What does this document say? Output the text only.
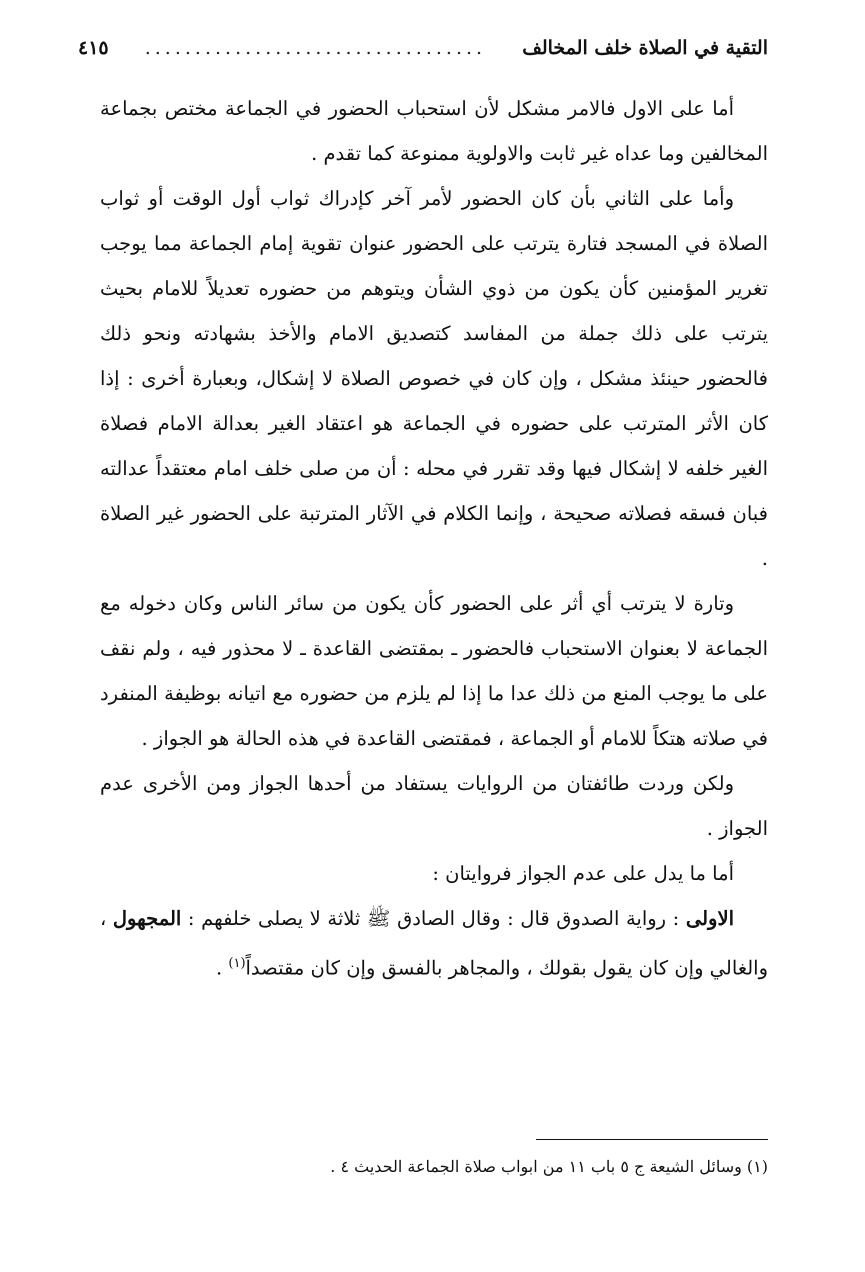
التقية في الصلاة خلف المخالف
..................................
٤١٥

أما على الاول فالامر مشكل لأن استحباب الحضور في الجماعة مختص بجماعة المخالفين وما عداه غير ثابت والاولوية ممنوعة كما تقدم .

وأما على الثاني بأن كان الحضور لأمر آخر كإدراك ثواب أول الوقت أو ثواب الصلاة في المسجد فتارة يترتب على الحضور عنوان تقوية إمام الجماعة مما يوجب تغرير المؤمنين كأن يكون من ذوي الشأن ويتوهم من حضوره تعديلاً للامام بحيث يترتب على ذلك جملة من المفاسد كتصديق الامام والأخذ بشهادته ونحو ذلك فالحضور حينئذ مشكل ، وإن كان في خصوص الصلاة لا إشكال، وبعبارة أخرى : إذا كان الأثر المترتب على حضوره في الجماعة هو اعتقاد الغير بعدالة الامام فصلاة الغير خلفه لا إشكال فيها وقد تقرر في محله : أن من صلى خلف امام معتقداً عدالته فبان فسقه فصلاته صحيحة ، وإنما الكلام في الآثار المترتبة على الحضور غير الصلاة .

وتارة لا يترتب أي أثر على الحضور كأن يكون من سائر الناس وكان دخوله مع الجماعة لا بعنوان الاستحباب فالحضور ـ بمقتضى القاعدة ـ لا محذور فيه ، ولم نقف على ما يوجب المنع من ذلك عدا ما إذا لم يلزم من حضوره مع اتيانه بوظيفة المنفرد في صلاته هتكاً للامام أو الجماعة ، فمقتضى القاعدة في هذه الحالة هو الجواز .

ولكن وردت طائفتان من الروايات يستفاد من أحدها الجواز ومن الأخرى عدم الجواز .

أما ما يدل على عدم الجواز فروايتان :

الاولى : رواية الصدوق قال : وقال الصادق ﷺ ثلاثة لا يصلى خلفهم : المجهول ، والغالي وإن كان يقول بقولك ، والمجاهر بالفسق وإن كان مقتصداً$^{(١)}$ .

(١) وسائل الشيعة ج ٥ باب ١١ من ابواب صلاة الجماعة الحديث ٤ .
